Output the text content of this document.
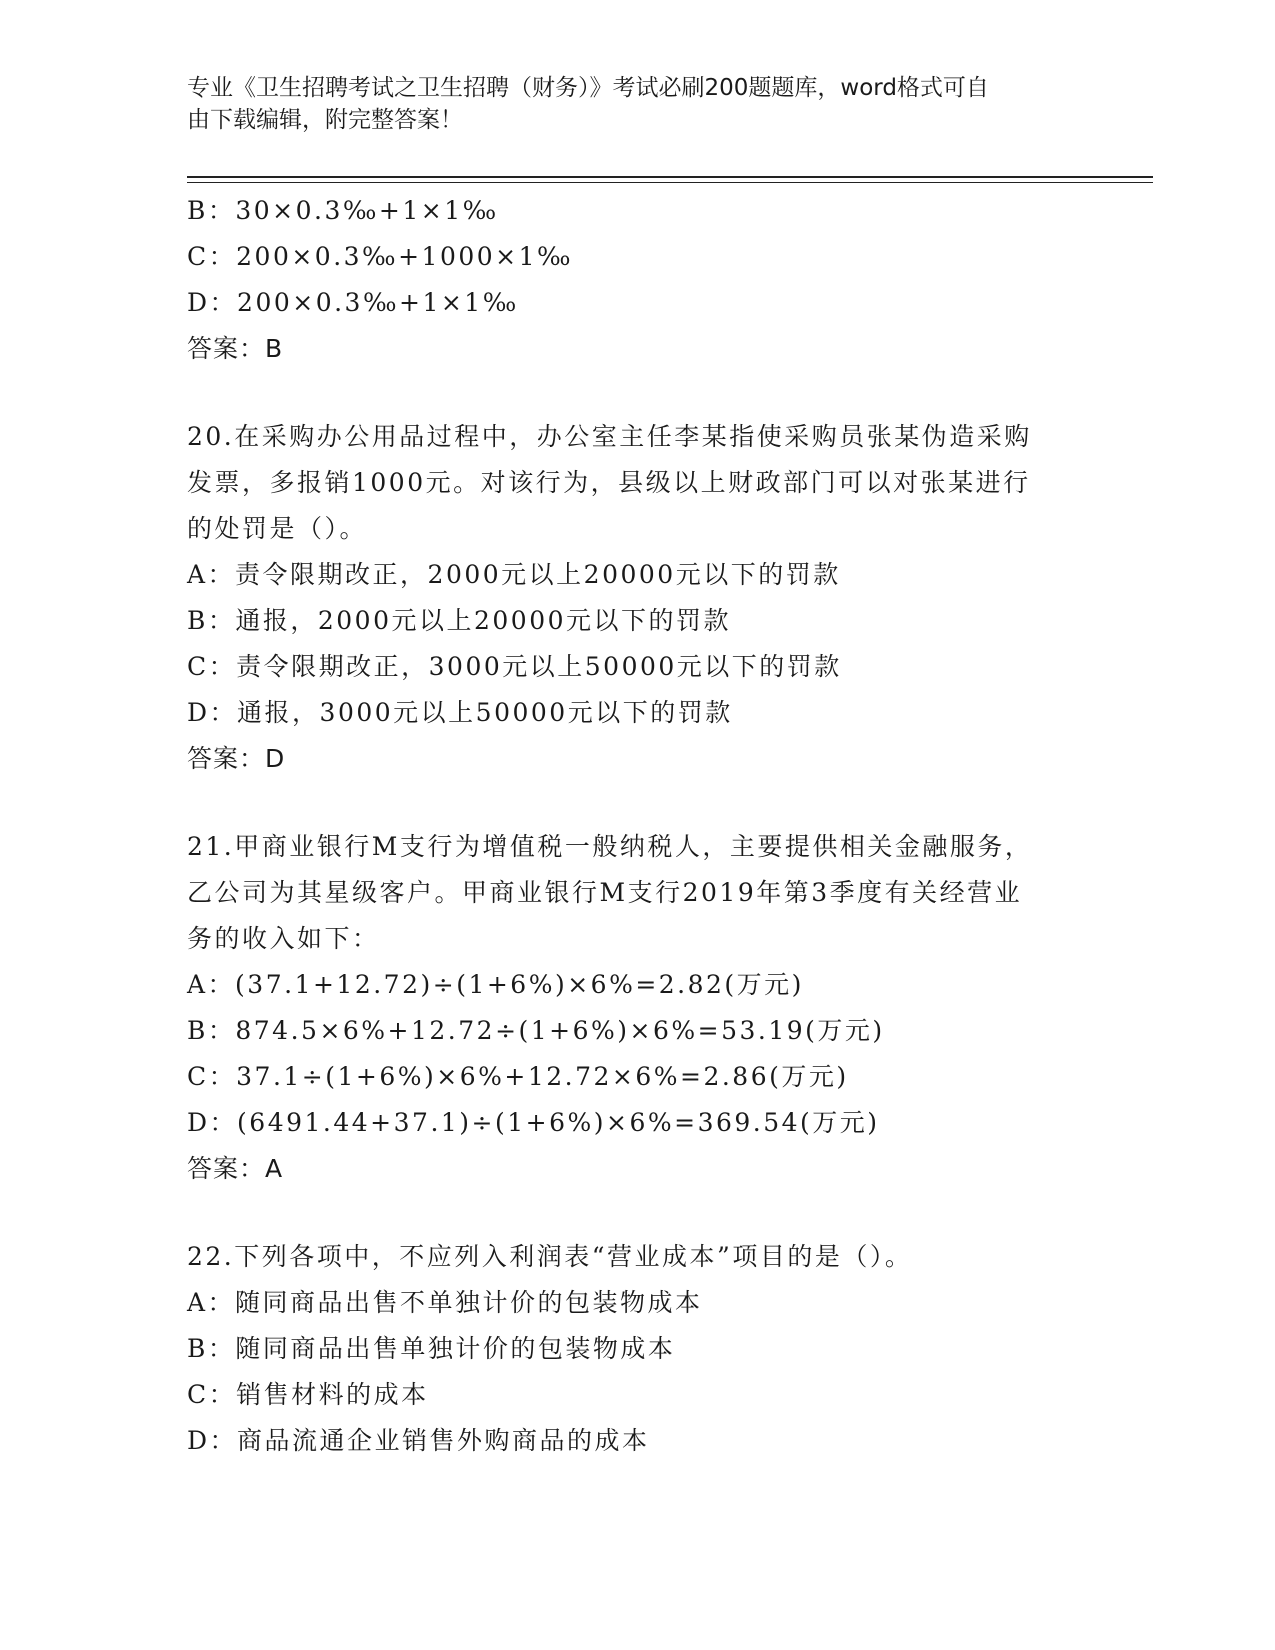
专业《卫生招聘考试之卫生招聘（财务）》考试必刷200题题库，word格式可自
由下载编辑，附完整答案！
B：30×0.3‰+1×1‰
C：200×0.3‰+1000×1‰
D：200×0.3‰+1×1‰
答案：B
20.在采购办公用品过程中，办公室主任李某指使采购员张某伪造采购
发票，多报销1000元。对该行为，县级以上财政部门可以对张某进行
的处罚是（）。
A：责令限期改正，2000元以上20000元以下的罚款
B：通报，2000元以上20000元以下的罚款
C：责令限期改正，3000元以上50000元以下的罚款
D：通报，3000元以上50000元以下的罚款
答案：D
21.甲商业银行M支行为增值税一般纳税人，主要提供相关金融服务，
乙公司为其星级客户。甲商业银行M支行2019年第3季度有关经营业
务的收入如下：
A：(37.1+12.72)÷(1+6%)×6%=2.82(万元)
B：874.5×6%+12.72÷(1+6%)×6%=53.19(万元)
C：37.1÷(1+6%)×6%+12.72×6%=2.86(万元)
D：(6491.44+37.1)÷(1+6%)×6%=369.54(万元)
答案：A
22.下列各项中，不应列入利润表“营业成本”项目的是（）。
A：随同商品出售不单独计价的包装物成本
B：随同商品出售单独计价的包装物成本
C：销售材料的成本
D：商品流通企业销售外购商品的成本
